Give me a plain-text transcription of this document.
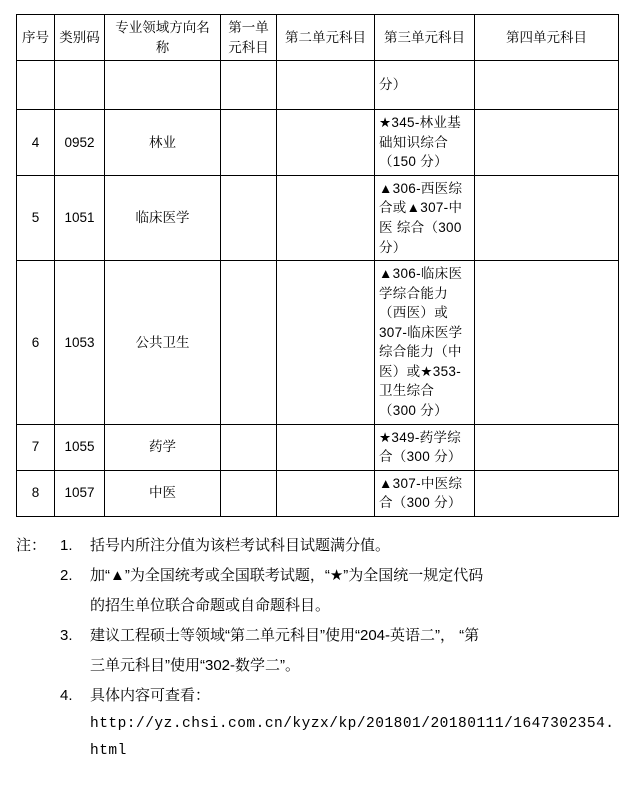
序号	类别码	专业领域方向名称	第一单元科目	第二单元科目	第三单元科目	第四单元科目
					分）	
4	0952	林业			★345-林业基础知识综合（150 分）	
5	1051	临床医学			▲306-西医综合或▲307-中医 综合（300 分）	
6	1053	公共卫生			▲306-临床医学综合能力（西医）或307-临床医学综合能力（中医）或★353-卫生综合（300 分）	
7	1055	药学			★349-药学综合（300 分）	
8	1057	中医			▲307-中医综合（300 分）	
注： 1.	括号内所注分值为该栏考试科目试题满分值。
2.	加“▲”为全国统考或全国联考试题，“★”为全国统一规定代码
的招生单位联合命题或自命题科目。
3.	建议工程硕士等领域“第二单元科目”使用“204-英语二”， “第
三单元科目”使用“302-数学二”。
4.	具体内容可查看：
http://yz.chsi.com.cn/kyzx/kp/201801/20180111/1647302354.
html
